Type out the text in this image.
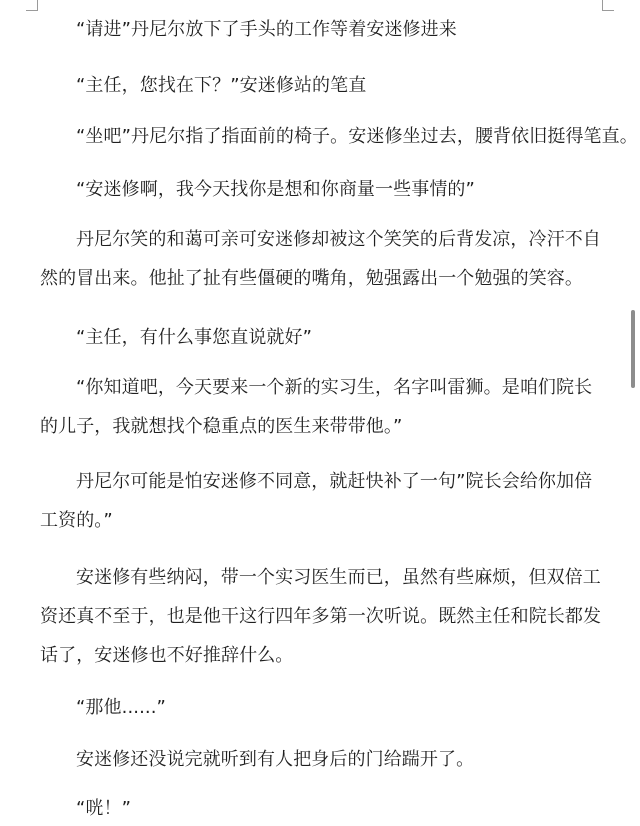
“请进”丹尼尔放下了手头的工作等着安迷修进来

“主任，您找在下？”安迷修站的笔直

“坐吧”丹尼尔指了指面前的椅子。安迷修坐过去，腰背依旧挺得笔直。

“安迷修啊，我今天找你是想和你商量一些事情的”

丹尼尔笑的和蔼可亲可安迷修却被这个笑笑的后背发凉，冷汗不自然的冒出来。他扯了扯有些僵硬的嘴角，勉强露出一个勉强的笑容。

“主任，有什么事您直说就好”

“你知道吧，今天要来一个新的实习生，名字叫雷狮。是咱们院长的儿子，我就想找个稳重点的医生来带带他。”

丹尼尔可能是怕安迷修不同意，就赶快补了一句”院长会给你加倍工资的。”

安迷修有些纳闷，带一个实习医生而已，虽然有些麻烦，但双倍工资还真不至于，也是他干这行四年多第一次听说。既然主任和院长都发话了，安迷修也不好推辞什么。

“那他......”

安迷修还没说完就听到有人把身后的门给踹开了。

“咣！”
